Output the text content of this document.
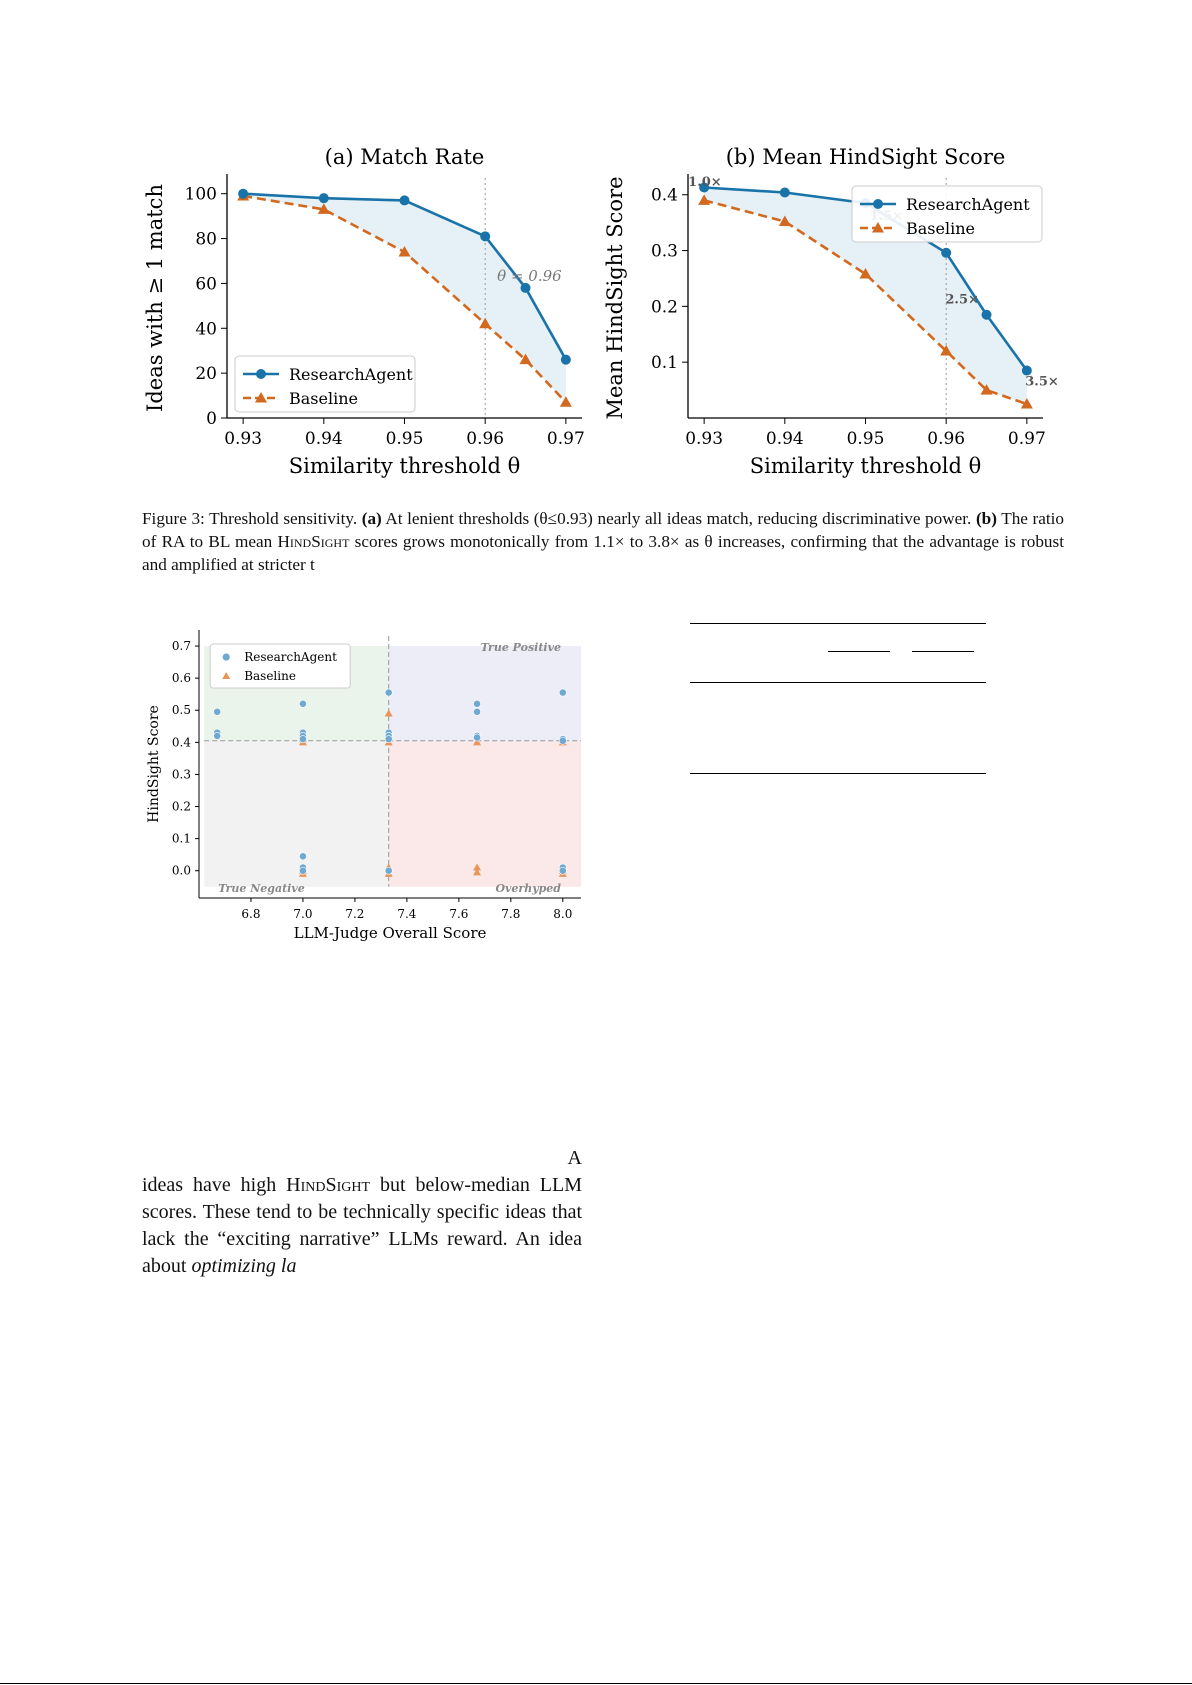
(a) Match Rate
0.93	0.94	0.95	0.96	0.97
0
20
40
60
80
100
Similarity threshold θ
Ideas with ≥ 1 match	θ = 0.96
ResearchAgent
Baseline
(b) Mean HindSight Score
0.93	0.94	0.95	0.96	0.97
0.1
0.2
0.3
0.4
Similarity threshold θ
Mean HindSight Score	1.0×
2.5×
3.5×
ResearchAgent
Baseline
Figure 3: Threshold sensitivity. (a) At lenient thresholds (θ≤0.93) nearly all ideas match, reducing discriminative power. (b) The ratio of RA to BL mean HindSight scores grows monotonically from 1.1× to 3.8× as θ increases, confirming that the advantage is robust and amplified at stricter t
6.8	7.0	7.2	7.4	7.6	7.8	8.0
0.0
0.1
0.2
0.3
0.4
0.5
0.6
0.7
LLM-Judge Overall Score
HindSight Score
True Positive
True Negative	Overhyped
ResearchAgent
Baseline
A
ideas have high HindSight but below-median LLM scores. These tend to be technically specific ideas that lack the “exciting narrative” LLMs reward. An idea about optimizing la
